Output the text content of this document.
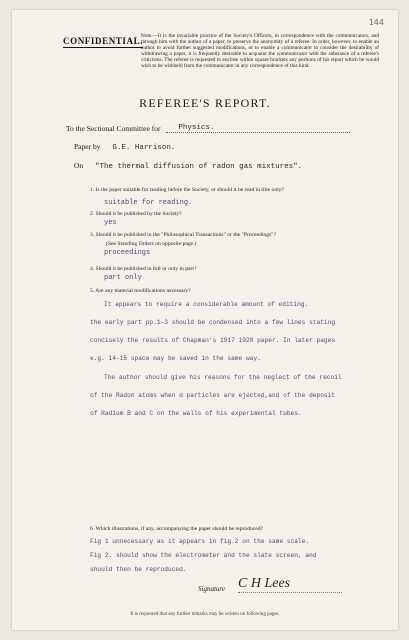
144
CONFIDENTIAL.
Note.—It is the invariable practice of the Society's Officers, in correspondence with the communicators, and through him with the author of a paper, to preserve the anonymity of a referee. In order, however, to enable an author to avoid further suggested modifications, or to enable a communicator to consider the desirability of withdrawing a paper, it is frequently desirable to acquaint the communicator with the substance of a referee's criticisms. The referee is requested to enclose within square brackets any portions of his report which he would wish to be withheld from the communicator in any correspondence of this kind.
REFEREE'S REPORT.
To the Sectional Committee for Physics.
Paper by G.E. Harrison.
On "The thermal diffusion of radon gas mixtures".
1. Is the paper suitable for reading before the Society, or should it be read in title only?
suitable for reading.
2. Should it be published by the Society?
yes
3. Should it be published in the "Philosophical Transactions" or the "Proceedings"?
(See Standing Orders on opposite page.)
proceedings
4. Should it be published in full or only in part?
part only
5. Are any material modifications necessary?
It appears to require a considerable amount of editing.
the early part pp.1-3 should be condensed into a few lines stating
concisely the results of Chapman's 1917 1920 paper. In later pages
e.g. 14-15 space may be saved in the same way.
The author should give his reasons for the neglect of the recoil
of the Radon atoms when α particles are ejected,and of the deposit
of Radium B and C on the walls of his experimental tubes.
6. Which illustrations, if any, accompanying the paper should be reproduced?
Fig 1 unnecessary as it appears in fig.2 on the same scale.
Fig 2. should show the electrometer and the slate screen, and
should then be reproduced.
Signature C H Lees
It is requested that any further remarks may be written on following pages.
